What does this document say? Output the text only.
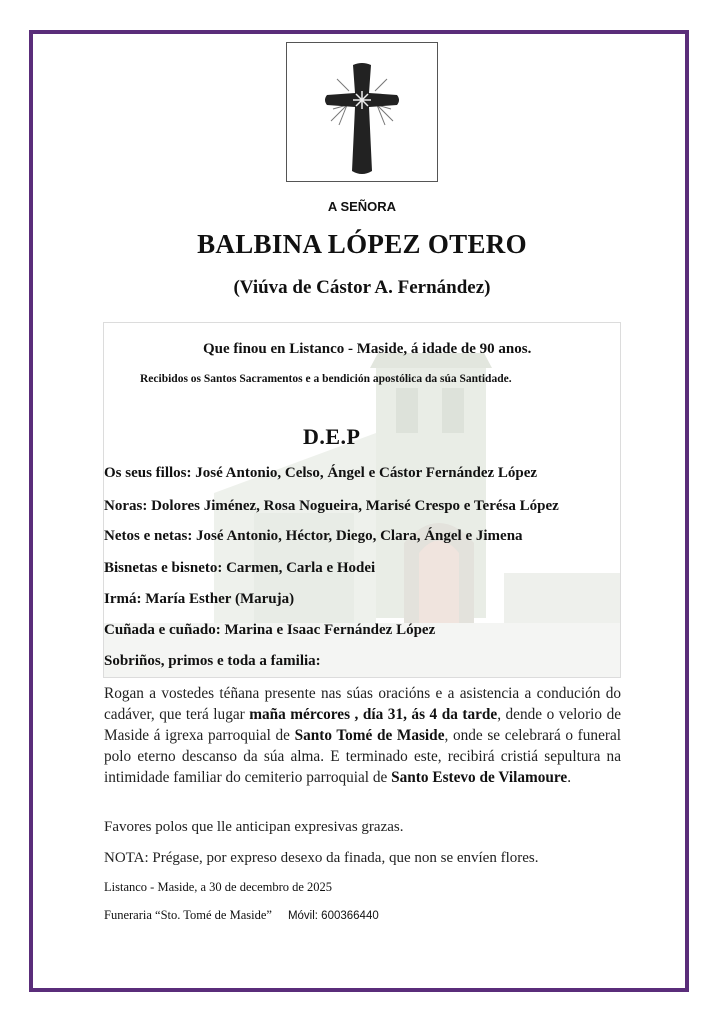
A SEÑORA
BALBINA LÓPEZ OTERO
(Viúva de Cástor A. Fernández)
Que finou en Listanco - Maside, á idade de 90 anos.
Recibidos os Santos Sacramentos e a bendición apostólica da súa Santidade.
D.E.P
Os seus fillos: José Antonio, Celso, Ángel e Cástor Fernández López
Noras: Dolores Jiménez, Rosa Nogueira, Marisé Crespo e Terésa López
Netos e netas: José Antonio, Héctor, Diego, Clara, Ángel e Jimena
Bisnetas e bisneto: Carmen, Carla e Hodei
Irmá: María Esther (Maruja)
Cuñada e cuñado: Marina e Isaac Fernández López
Sobriños, primos e toda a familia:
Rogan a vostedes téñana presente nas súas oracións e a asistencia a condución do cadáver, que terá lugar maña mércores , día 31, ás 4 da tarde, dende o velorio de Maside á igrexa parroquial de Santo Tomé de Maside, onde se celebrará o funeral polo eterno descanso da súa alma. E terminado este, recibirá cristiá sepultura na intimidade familiar do cemiterio parroquial de Santo Estevo de Vilamoure.
Favores polos que lle anticipan expresivas grazas.
NOTA: Prégase, por expreso desexo da finada, que non se envíen flores.
Listanco - Maside, a 30 de decembro de 2025
Funeraria “Sto. Tomé de Maside” Móvil: 600366440
